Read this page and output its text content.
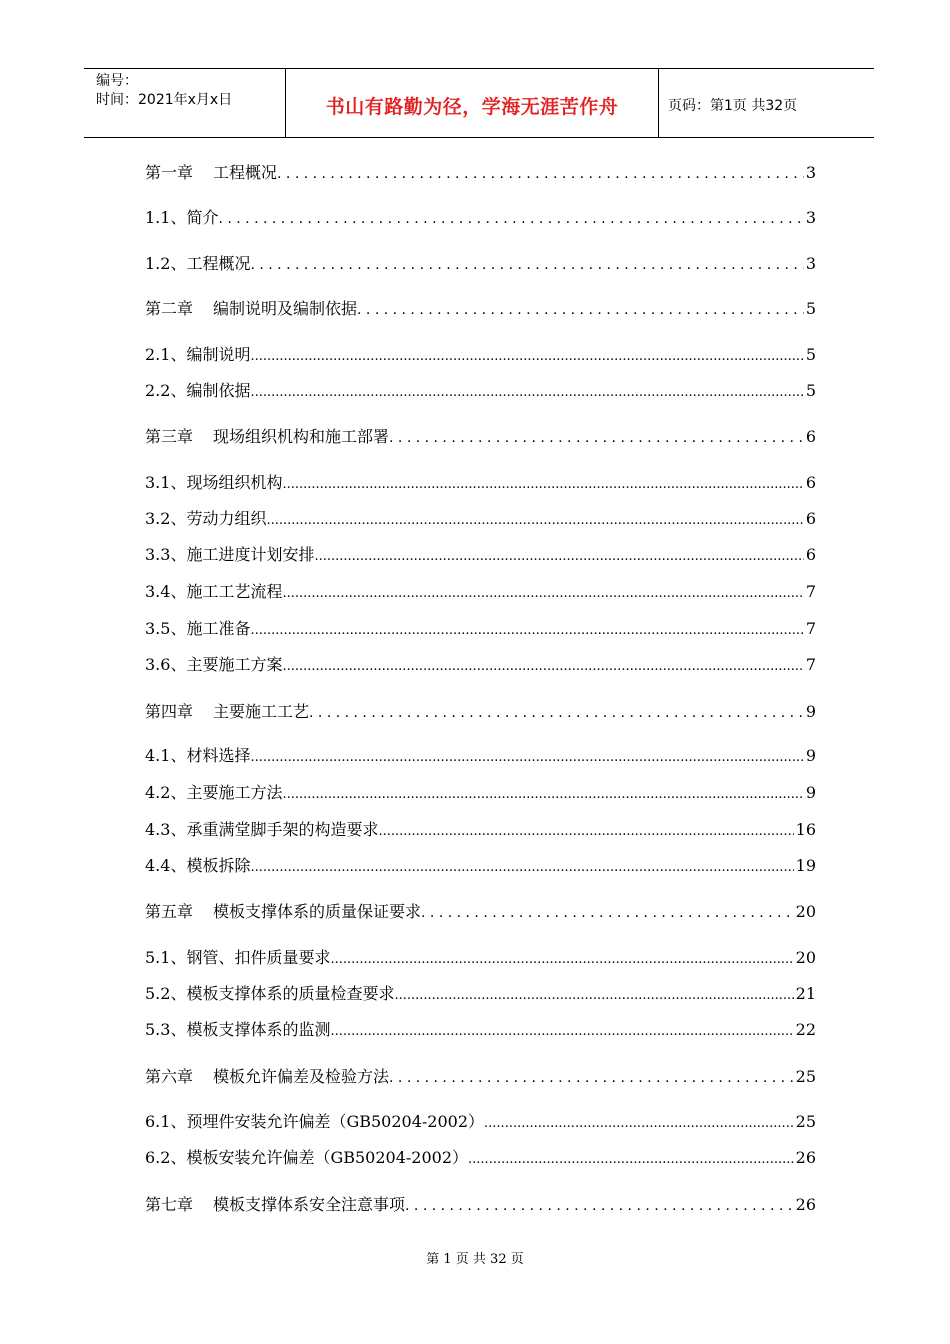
编号：
时间：2021年x月x日	书山有路勤为径，学海无涯苦作舟	页码：第1页 共32页
第一章 工程概况 . . .	3
1.1、简介 . . .	3
1.2、工程概况 . . .	3
第二章 编制说明及编制依据 . . .	5
2.1、编制说明 .....	5
2.2、编制依据 .....	5
第三章 现场组织机构和施工部署 . . .	6
3.1、现场组织机构 .....	6
3.2、劳动力组织 .....	6
3.3、施工进度计划安排 .....	6
3.4、施工工艺流程 .....	7
3.5、施工准备 .....	7
3.6、主要施工方案 .....	7
第四章 主要施工工艺 . . .	9
4.1、材料选择 .....	9
4.2、主要施工方法 .....	9
4.3、承重满堂脚手架的构造要求 .....	16
4.4、模板拆除 .....	19
第五章 模板支撑体系的质量保证要求 . . .	20
5.1、钢管、扣件质量要求 .....	20
5.2、模板支撑体系的质量检查要求 .....	21
5.3、模板支撑体系的监测 .....	22
第六章 模板允许偏差及检验方法 . . .	25
6.1、预埋件安装允许偏差（GB50204-2002） .....	25
6.2、模板安装允许偏差（GB50204-2002） .....	26
第七章 模板支撑体系安全注意事项 . . .	26
第 1 页 共 32 页
